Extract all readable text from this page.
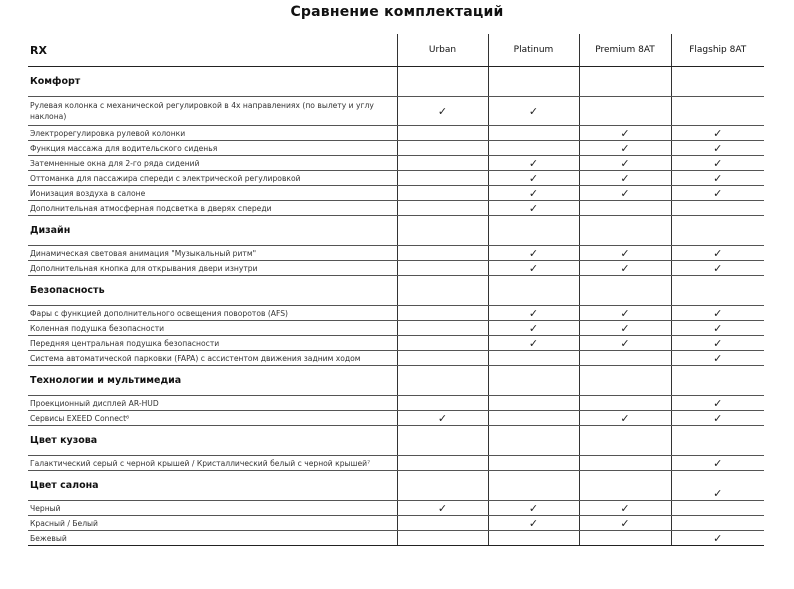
Сравнение комплектаций
RX	Urban	Platinum	Premium 8AT	Flagship 8AT
Комфорт				
Рулевая колонка с механической регулировкой в 4х направлениях (по вылету и углу наклона)	✓	✓		
Электрорегулировка рулевой колонки			✓	✓
Функция массажа для водительского сиденья			✓	✓
Затемненные окна для 2-го ряда сидений		✓	✓	✓
Оттоманка для пассажира спереди с электрической регулировкой		✓	✓	✓
Ионизация воздуха в салоне		✓	✓	✓
Дополнительная атмосферная подсветка в дверях спереди		✓		
Дизайн				
Динамическая световая анимация "Музыкальный ритм"		✓	✓	✓
Дополнительная кнопка для открывания двери изнутри		✓	✓	✓
Безопасность				
Фары с функцией дополнительного освещения поворотов (AFS)		✓	✓	✓
Коленная подушка безопасности		✓	✓	✓
Передняя центральная подушка безопасности		✓	✓	✓
Система автоматической парковки (FAPA) с ассистентом движения задним ходом				✓
Технологии и мультимедиа				
Проекционный дисплей AR-HUD				✓
Сервисы EXEED Connect⁶	✓		✓	✓
Цвет кузова				
Галактический серый с черной крышей / Кристаллический белый с черной крышей⁷				✓
Цвет салона				✓
Черный	✓	✓	✓	
Красный / Белый		✓	✓	
Бежевый				✓
